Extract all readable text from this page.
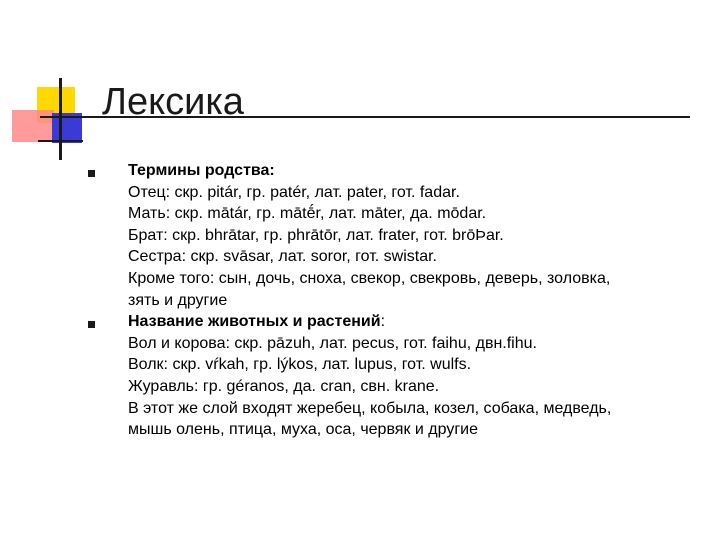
Лексика
Термины родства:
Отец: скр. pitár, гр. patér, лат. pater, гот. fadar.
Мать: скр. mātár, гр. mātḗr, лат. māter, да. mōdar.
Брат: скр. bhrātar, гр. phrātōr, лат. frater, гот. brōÞar.
Сестра: скр. svāsar, лат. soror, гот. swistar.
Кроме того: сын, дочь, сноха, свекор, свекровь, деверь, золовка,
зять и другие
Название животных и растений:
Вол и корова: скр. pāzuh, лат. pecus, гот. faihu, двн.fihu.
Волк: скр. vŕkah, гр. lýkos, лат. lupus, гот. wulfs.
Журавль: гр. géranos, да. cran, свн. krane.
В этот же слой входят жеребец, кобыла, козел, собака, медведь,
мышь олень, птица, муха, оса, червяк и другие
